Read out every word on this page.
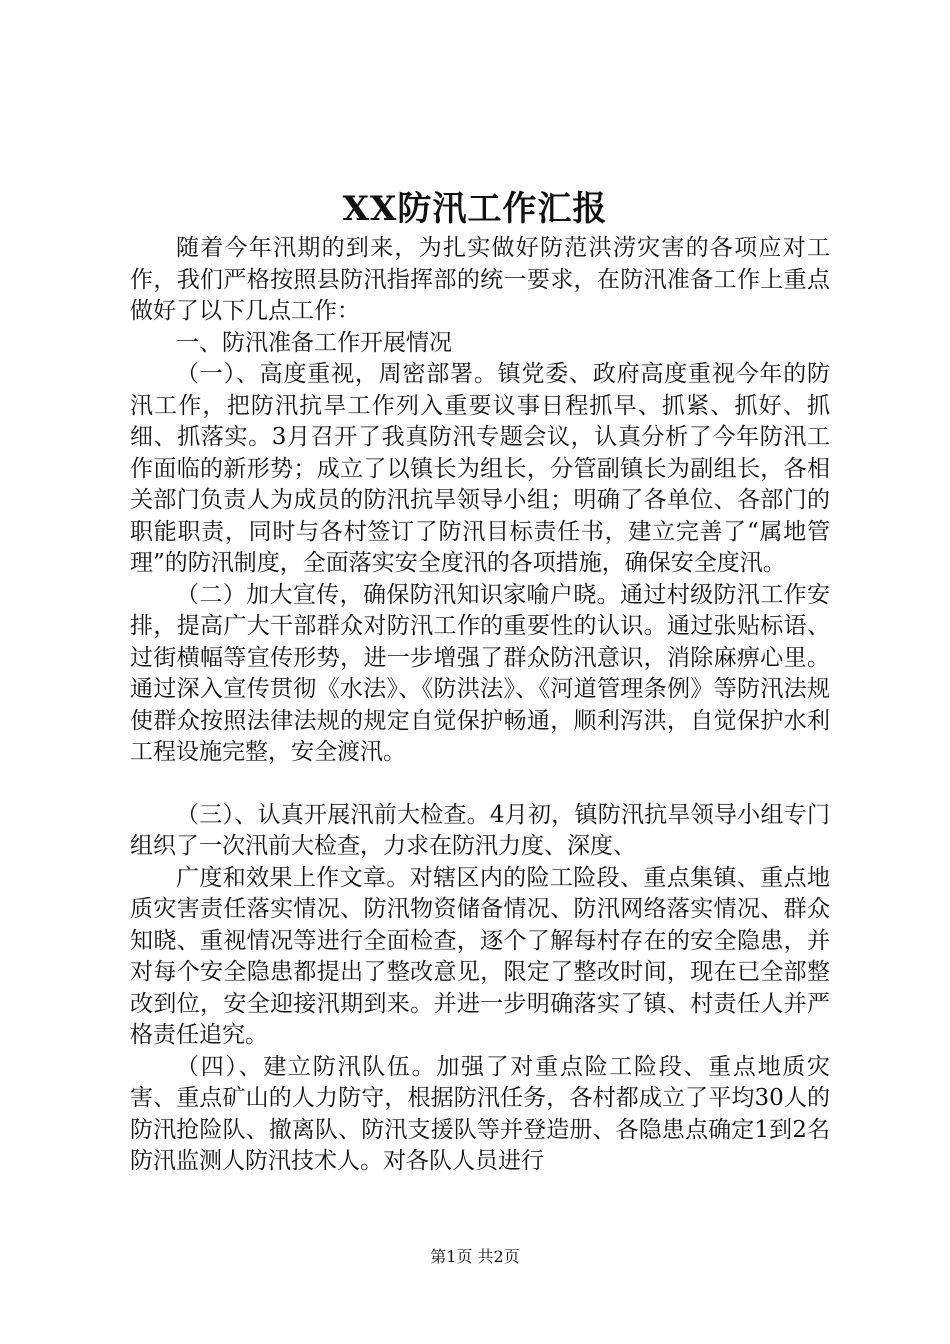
XX防汛工作汇报

随着今年汛期的到来，为扎实做好防范洪涝灾害的各项应对工作，我们严格按照县防汛指挥部的统一要求，在防汛准备工作上重点做好了以下几点工作：

一、防汛准备工作开展情况

（一）、高度重视，周密部署。镇党委、政府高度重视今年的防汛工作，把防汛抗旱工作列入重要议事日程抓早、抓紧、抓好、抓细、抓落实。3月召开了我真防汛专题会议，认真分析了今年防汛工作面临的新形势；成立了以镇长为组长，分管副镇长为副组长，各相关部门负责人为成员的防汛抗旱领导小组；明确了各单位、各部门的职能职责，同时与各村签订了防汛目标责任书，建立完善了“属地管理”的防汛制度，全面落实安全度汛的各项措施，确保安全度汛。

（二）加大宣传，确保防汛知识家喻户晓。通过村级防汛工作安排，提高广大干部群众对防汛工作的重要性的认识。通过张贴标语、过街横幅等宣传形势，进一步增强了群众防汛意识，消除麻痹心里。通过深入宣传贯彻《水法》、《防洪法》、《河道管理条例》等防汛法规使群众按照法律法规的规定自觉保护畅通，顺利泻洪，自觉保护水利工程设施完整，安全渡汛。

（三）、认真开展汛前大检查。4月初，镇防汛抗旱领导小组专门组织了一次汛前大检查，力求在防汛力度、深度、

广度和效果上作文章。对辖区内的险工险段、重点集镇、重点地质灾害责任落实情况、防汛物资储备情况、防汛网络落实情况、群众知晓、重视情况等进行全面检查，逐个了解每村存在的安全隐患，并对每个安全隐患都提出了整改意见，限定了整改时间，现在已全部整改到位，安全迎接汛期到来。并进一步明确落实了镇、村责任人并严格责任追究。

（四）、建立防汛队伍。加强了对重点险工险段、重点地质灾害、重点矿山的人力防守，根据防汛任务，各村都成立了平均30人的防汛抢险队、撤离队、防汛支援队等并登造册、各隐患点确定1到2名防汛监测人防汛技术人。对各队人员进行

第1页 共2页
